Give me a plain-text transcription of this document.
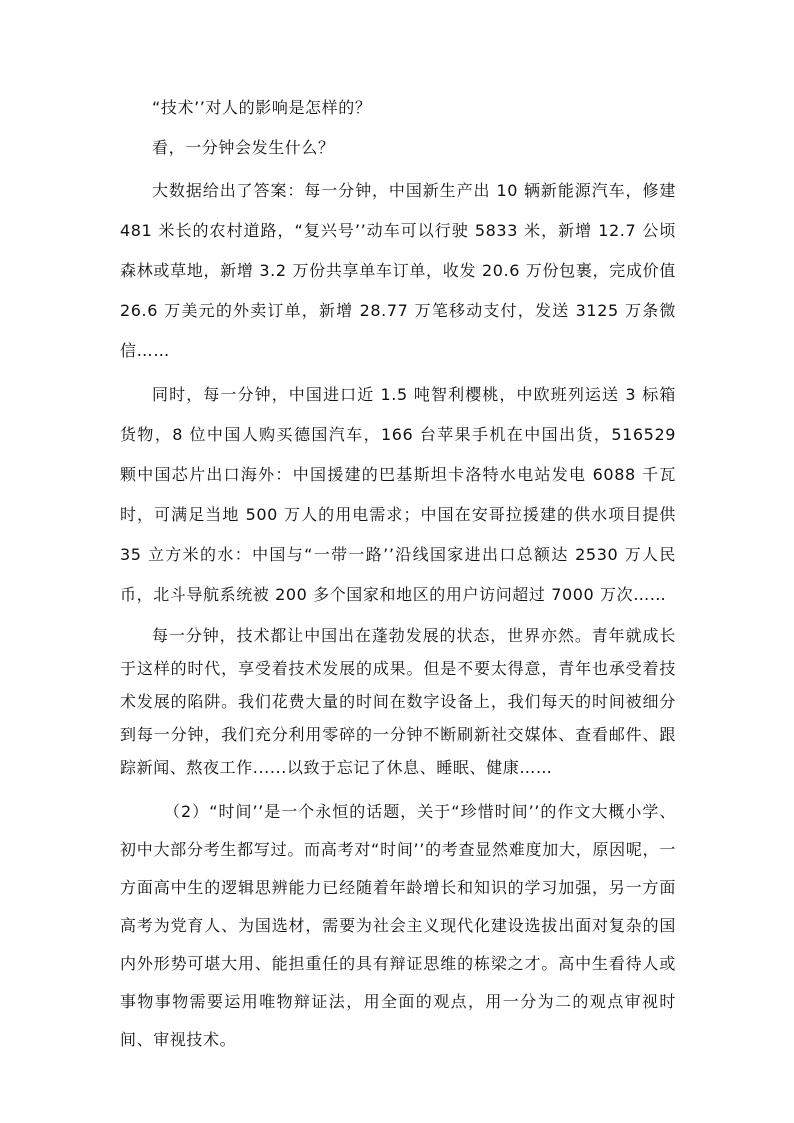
“技术’’对人的影响是怎样的？

看，一分钟会发生什么？

大数据给出了答案：每一分钟，中国新生产出 10 辆新能源汽车，修建 481 米长的农村道路，“复兴号’’动车可以行驶 5833 米，新增 12.7 公顷森林或草地，新增 3.2 万份共享单车订单，收发 20.6 万份包裹，完成价值 26.6 万美元的外卖订单，新增 28.77 万笔移动支付，发送 3125 万条微信……

同时，每一分钟，中国进口近 1.5 吨智利樱桃，中欧班列运送 3 标箱货物，8 位中国人购买德国汽车，166 台苹果手机在中国出货，516529 颗中国芯片出口海外：中国援建的巴基斯坦卡洛特水电站发电 6088 千瓦时，可满足当地 500 万人的用电需求；中国在安哥拉援建的供水项目提供 35 立方米的水：中国与“一带一路’’沿线国家进出口总额达 2530 万人民币，北斗导航系统被 200 多个国家和地区的用户访问超过 7000 万次……

每一分钟，技术都让中国出在蓬勃发展的状态，世界亦然。青年就成长于这样的时代，享受着技术发展的成果。但是不要太得意，青年也承受着技术发展的陷阱。我们花费大量的时间在数字设备上，我们每天的时间被细分到每一分钟，我们充分利用零碎的一分钟不断刷新社交媒体、查看邮件、跟踪新闻、熬夜工作......以致于忘记了休息、睡眠、健康……

（2）“时间’’是一个永恒的话题，关于“珍惜时间’’的作文大概小学、初中大部分考生都写过。而高考对“时间’’的考查显然难度加大，原因呢，一方面高中生的逻辑思辨能力已经随着年龄增长和知识的学习加强，另一方面高考为党育人、为国选材，需要为社会主义现代化建设选拔出面对复杂的国内外形势可堪大用、能担重任的具有辩证思维的栋梁之才。高中生看待人或事物事物需要运用唯物辩证法，用全面的观点，用一分为二的观点审视时间、审视技术。
